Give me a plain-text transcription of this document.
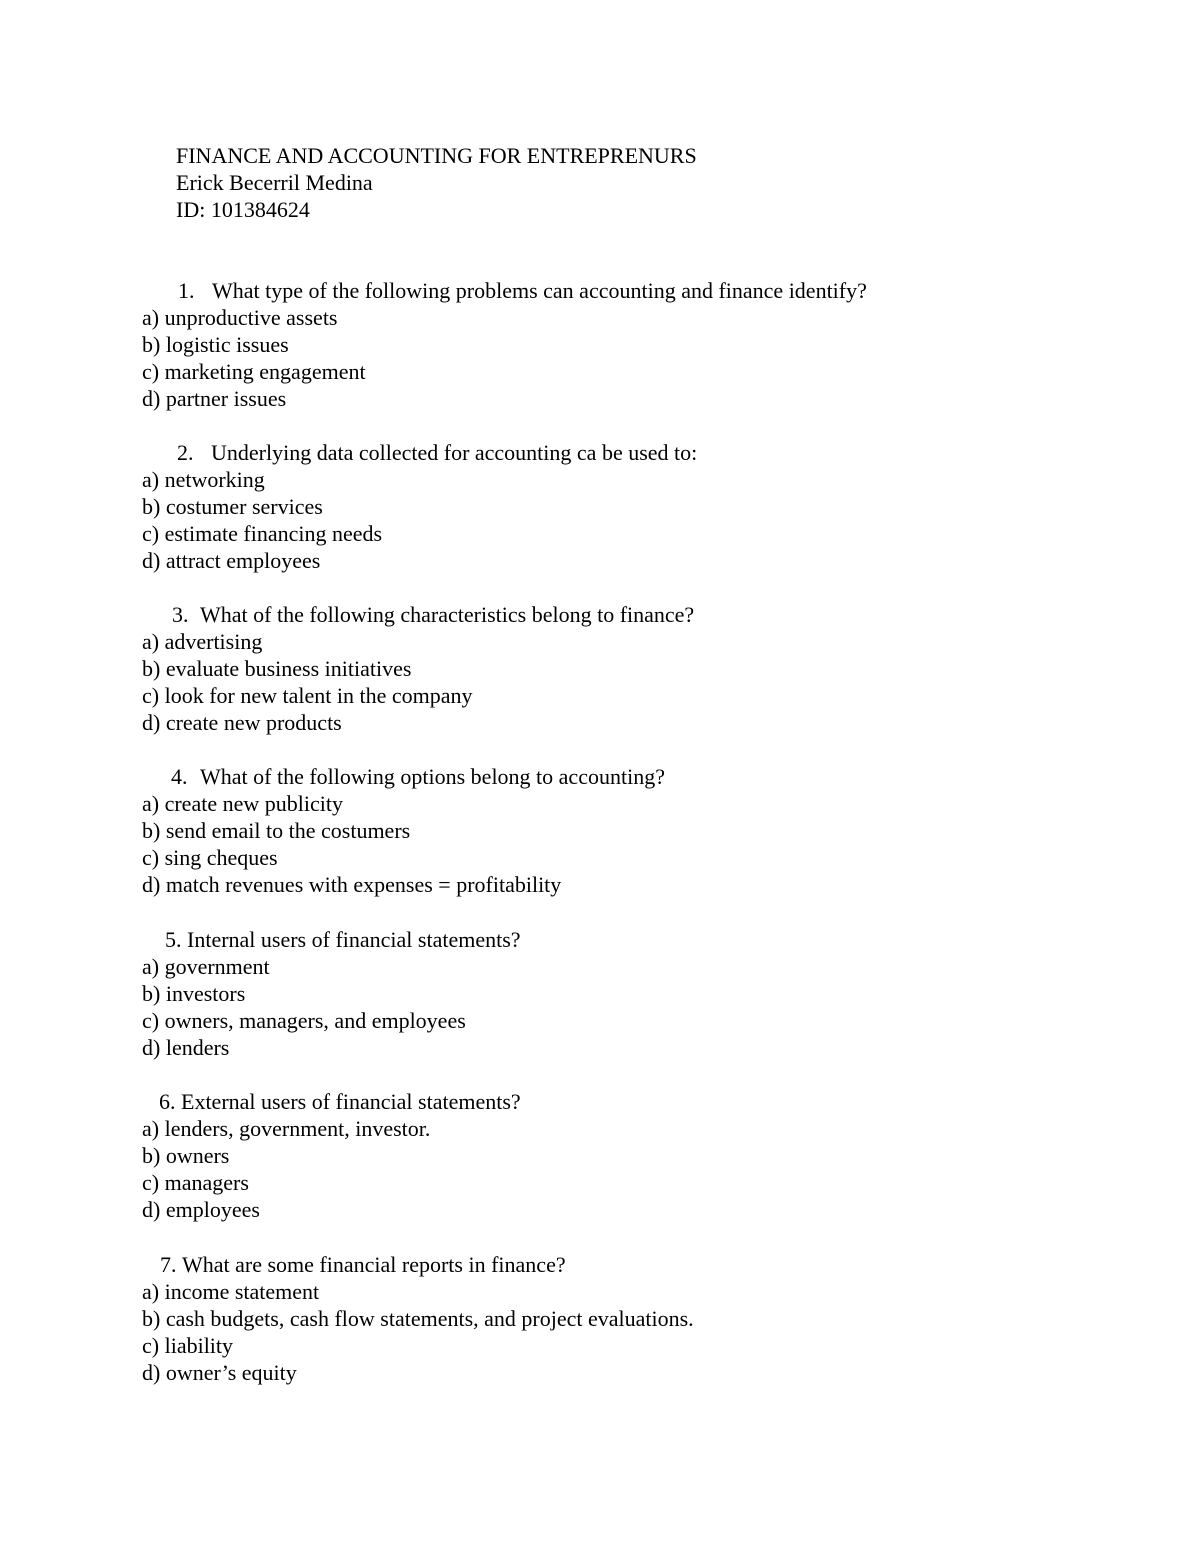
FINANCE AND ACCOUNTING FOR ENTREPRENURS
Erick Becerril Medina
ID: 101384624
1. What type of the following problems can accounting and finance identify?
a) unproductive assets
b) logistic issues
c) marketing engagement
d) partner issues
2. Underlying data collected for accounting ca be used to:
a) networking
b) costumer services
c) estimate financing needs
d) attract employees
3. What of the following characteristics belong to finance?
a) advertising
b) evaluate business initiatives
c) look for new talent in the company
d) create new products
4. What of the following options belong to accounting?
a) create new publicity
b) send email to the costumers
c) sing cheques
d) match revenues with expenses = profitability
5. Internal users of financial statements?
a) government
b) investors
c) owners, managers, and employees
d) lenders
6. External users of financial statements?
a) lenders, government, investor.
b) owners
c) managers
d) employees
7. What are some financial reports in finance?
a) income statement
b) cash budgets, cash flow statements, and project evaluations.
c) liability
d) owner’s equity
